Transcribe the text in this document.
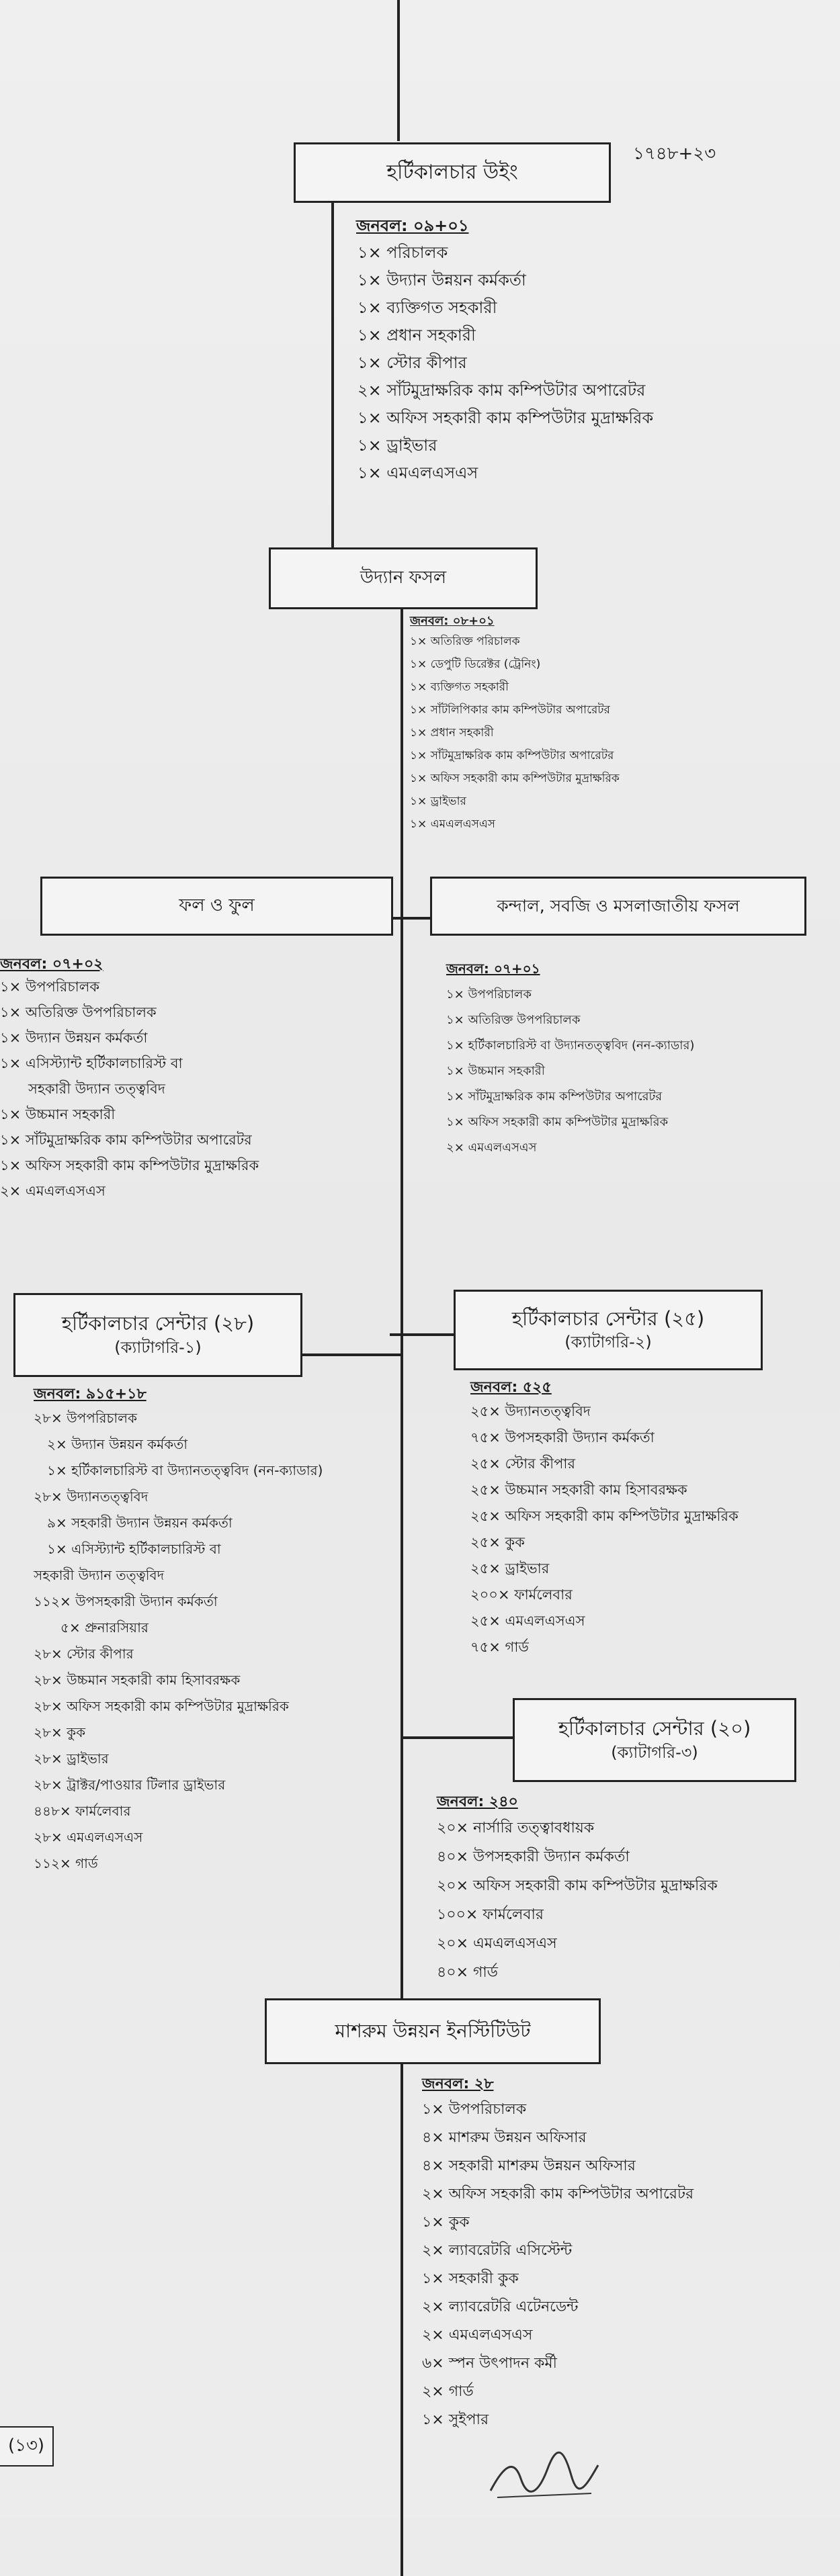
১৭৪৮+২৩
হর্টিকালচার উইং
জনবল: ০৯+০১
১× পরিচালক
১× উদ্যান উন্নয়ন কর্মকর্তা
১× ব্যক্তিগত সহকারী
১× প্রধান সহকারী
১× স্টোর কীপার
২× সাঁটমুদ্রাক্ষরিক কাম কম্পিউটার অপারেটর
১× অফিস সহকারী কাম কম্পিউটার মুদ্রাক্ষরিক
১× ড্রাইভার
১× এমএলএসএস
উদ্যান ফসল
জনবল: ০৮+০১
১× অতিরিক্ত পরিচালক
১× ডেপুটি ডিরেক্টর (ট্রেনিং)
১× ব্যক্তিগত সহকারী
১× সাঁটলিপিকার কাম কম্পিউটার অপারেটর
১× প্রধান সহকারী
১× সাঁটমুদ্রাক্ষরিক কাম কম্পিউটার অপারেটর
১× অফিস সহকারী কাম কম্পিউটার মুদ্রাক্ষরিক
১× ড্রাইভার
১× এমএলএসএস
ফল ও ফুল
জনবল: ০৭+০২
১× উপপরিচালক
১× অতিরিক্ত উপপরিচালক
১× উদ্যান উন্নয়ন কর্মকর্তা
১× এসিস্ট্যান্ট হর্টিকালচারিস্ট বা
সহকারী উদ্যান তত্ত্ববিদ
১× উচ্চমান সহকারী
১× সাঁটমুদ্রাক্ষরিক কাম কম্পিউটার অপারেটর
১× অফিস সহকারী কাম কম্পিউটার মুদ্রাক্ষরিক
২× এমএলএসএস
কন্দাল, সবজি ও মসলাজাতীয় ফসল
জনবল: ০৭+০১
১× উপপরিচালক
১× অতিরিক্ত উপপরিচালক
১× হর্টিকালচারিস্ট বা উদ্যানতত্ত্ববিদ (নন-ক্যাডার)
১× উচ্চমান সহকারী
১× সাঁটমুদ্রাক্ষরিক কাম কম্পিউটার অপারেটর
১× অফিস সহকারী কাম কম্পিউটার মুদ্রাক্ষরিক
২× এমএলএসএস
হর্টিকালচার সেন্টার (২৮)
(ক্যাটাগরি-১)
জনবল: ৯১৫+১৮
২৮× উপপরিচালক
২× উদ্যান উন্নয়ন কর্মকর্তা
১× হর্টিকালচারিস্ট বা উদ্যানতত্ত্ববিদ (নন-ক্যাডার)
২৮× উদ্যানতত্ত্ববিদ
৯× সহকারী উদ্যান উন্নয়ন কর্মকর্তা
১× এসিস্ট্যান্ট হর্টিকালচারিস্ট বা
সহকারী উদ্যান তত্ত্ববিদ
১১২× উপসহকারী উদ্যান কর্মকর্তা
৫× প্রুনারসিয়ার
২৮× স্টোর কীপার
২৮× উচ্চমান সহকারী কাম হিসাবরক্ষক
২৮× অফিস সহকারী কাম কম্পিউটার মুদ্রাক্ষরিক
২৮× কুক
২৮× ড্রাইভার
২৮× ট্রাক্টর/পাওয়ার টিলার ড্রাইভার
৪৪৮× ফার্মলেবার
২৮× এমএলএসএস
১১২× গার্ড
হর্টিকালচার সেন্টার (২৫)
(ক্যাটাগরি-২)
জনবল: ৫২৫
২৫× উদ্যানতত্ত্ববিদ
৭৫× উপসহকারী উদ্যান কর্মকর্তা
২৫× স্টোর কীপার
২৫× উচ্চমান সহকারী কাম হিসাবরক্ষক
২৫× অফিস সহকারী কাম কম্পিউটার মুদ্রাক্ষরিক
২৫× কুক
২৫× ড্রাইভার
২০০× ফার্মলেবার
২৫× এমএলএসএস
৭৫× গার্ড
হর্টিকালচার সেন্টার (২০)
(ক্যাটাগরি-৩)
জনবল: ২৪০
২০× নার্সারি তত্ত্বাবধায়ক
৪০× উপসহকারী উদ্যান কর্মকর্তা
২০× অফিস সহকারী কাম কম্পিউটার মুদ্রাক্ষরিক
১০০× ফার্মলেবার
২০× এমএলএসএস
৪০× গার্ড
মাশরুম উন্নয়ন ইনস্টিটিউট
জনবল: ২৮
১× উপপরিচালক
৪× মাশরুম উন্নয়ন অফিসার
৪× সহকারী মাশরুম উন্নয়ন অফিসার
২× অফিস সহকারী কাম কম্পিউটার অপারেটর
১× কুক
২× ল্যাবরেটরি এসিস্টেন্ট
১× সহকারী কুক
২× ল্যাবরেটরি এটেনডেন্ট
২× এমএলএসএস
৬× স্পন উৎপাদন কর্মী
২× গার্ড
১× সুইপার
(১৩)
